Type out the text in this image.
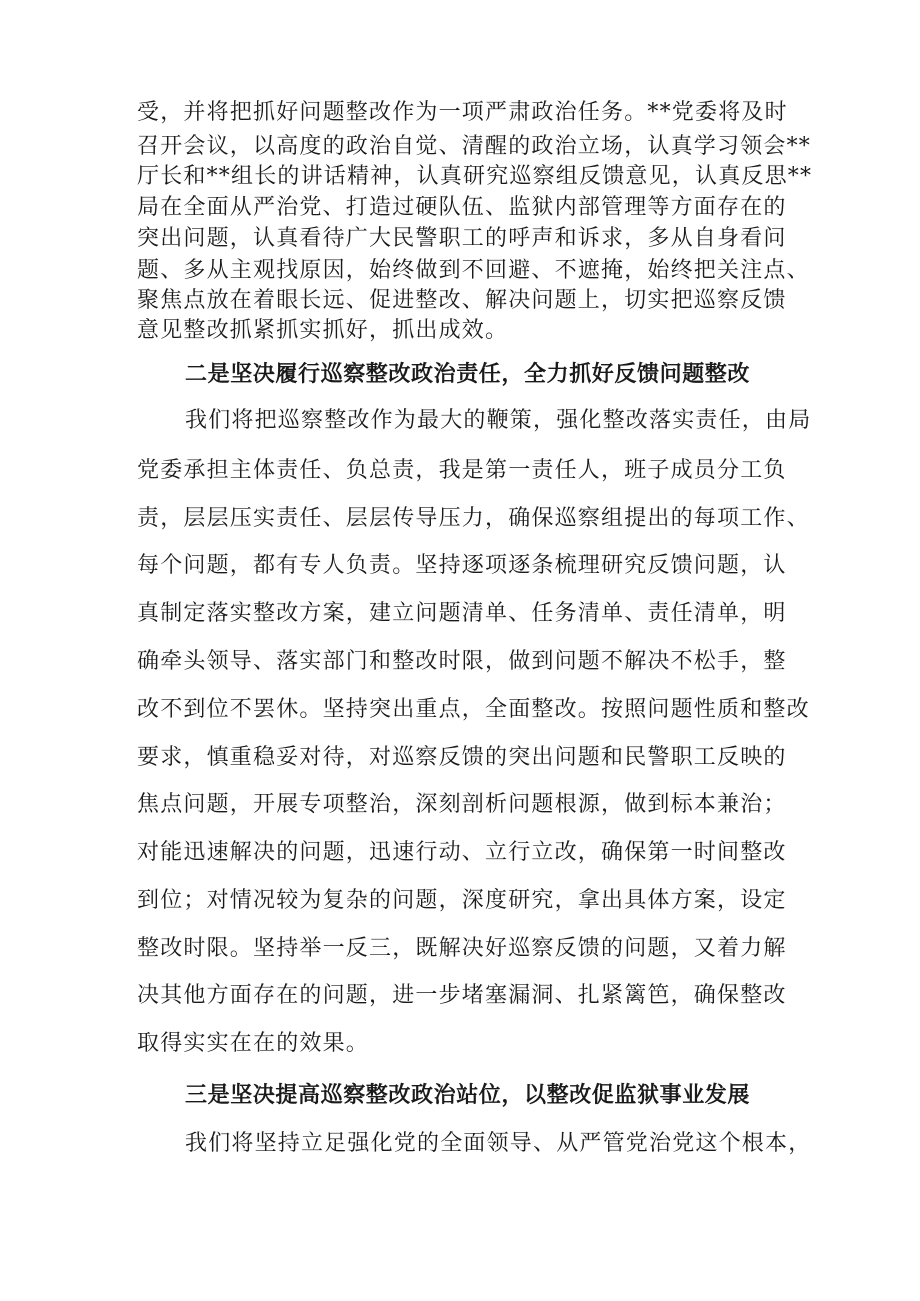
受，并将把抓好问题整改作为一项严肃政治任务。**党委将及时
召开会议，以高度的政治自觉、清醒的政治立场，认真学习领会**
厅长和**组长的讲话精神，认真研究巡察组反馈意见，认真反思**
局在全面从严治党、打造过硬队伍、监狱内部管理等方面存在的
突出问题，认真看待广大民警职工的呼声和诉求，多从自身看问
题、多从主观找原因，始终做到不回避、不遮掩，始终把关注点、
聚焦点放在着眼长远、促进整改、解决问题上，切实把巡察反馈
意见整改抓紧抓实抓好，抓出成效。
二是坚决履行巡察整改政治责任，全力抓好反馈问题整改
我们将把巡察整改作为最大的鞭策，强化整改落实责任，由局
党委承担主体责任、负总责，我是第一责任人，班子成员分工负
责，层层压实责任、层层传导压力，确保巡察组提出的每项工作、
每个问题，都有专人负责。坚持逐项逐条梳理研究反馈问题，认
真制定落实整改方案，建立问题清单、任务清单、责任清单，明
确牵头领导、落实部门和整改时限，做到问题不解决不松手，整
改不到位不罢休。坚持突出重点，全面整改。按照问题性质和整改
要求，慎重稳妥对待，对巡察反馈的突出问题和民警职工反映的
焦点问题，开展专项整治，深刻剖析问题根源，做到标本兼治；
对能迅速解决的问题，迅速行动、立行立改，确保第一时间整改
到位；对情况较为复杂的问题，深度研究，拿出具体方案，设定
整改时限。坚持举一反三，既解决好巡察反馈的问题，又着力解
决其他方面存在的问题，进一步堵塞漏洞、扎紧篱笆，确保整改
取得实实在在的效果。
三是坚决提高巡察整改政治站位，以整改促监狱事业发展
我们将坚持立足强化党的全面领导、从严管党治党这个根本，
